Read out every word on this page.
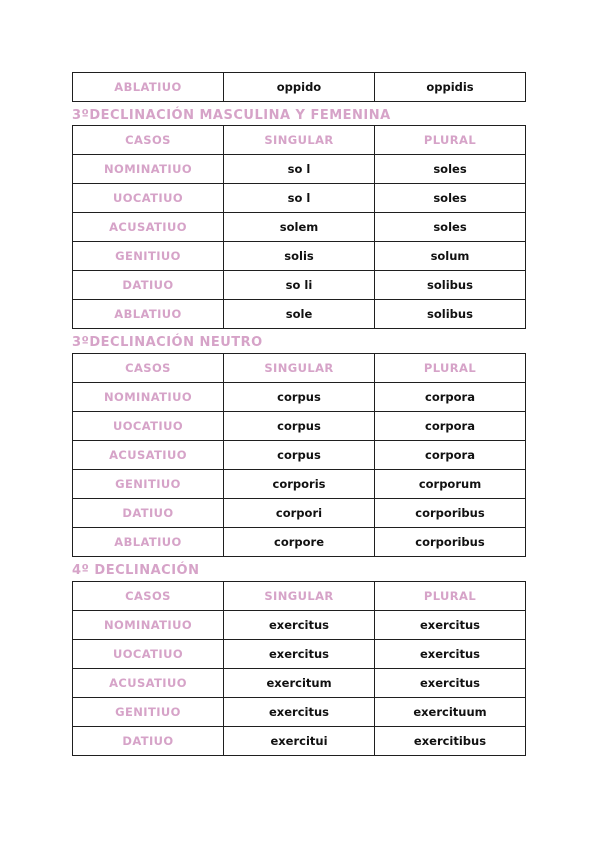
ABLATIUO	oppido	oppidis
3ºDECLINACIÓN MASCULINA Y FEMENINA
CASOS	SINGULAR	PLURAL
NOMINATIUO	so l	soles
UOCATIUO	so l	soles
ACUSATIUO	solem	soles
GENITIUO	solis	solum
DATIUO	so li	solibus
ABLATIUO	sole	solibus
3ºDECLINACIÓN NEUTRO
CASOS	SINGULAR	PLURAL
NOMINATIUO	corpus	corpora
UOCATIUO	corpus	corpora
ACUSATIUO	corpus	corpora
GENITIUO	corporis	corporum
DATIUO	corpori	corporibus
ABLATIUO	corpore	corporibus
4º DECLINACIÓN
CASOS	SINGULAR	PLURAL
NOMINATIUO	exercitus	exercitus
UOCATIUO	exercitus	exercitus
ACUSATIUO	exercitum	exercitus
GENITIUO	exercitus	exercituum
DATIUO	exercitui	exercitibus
